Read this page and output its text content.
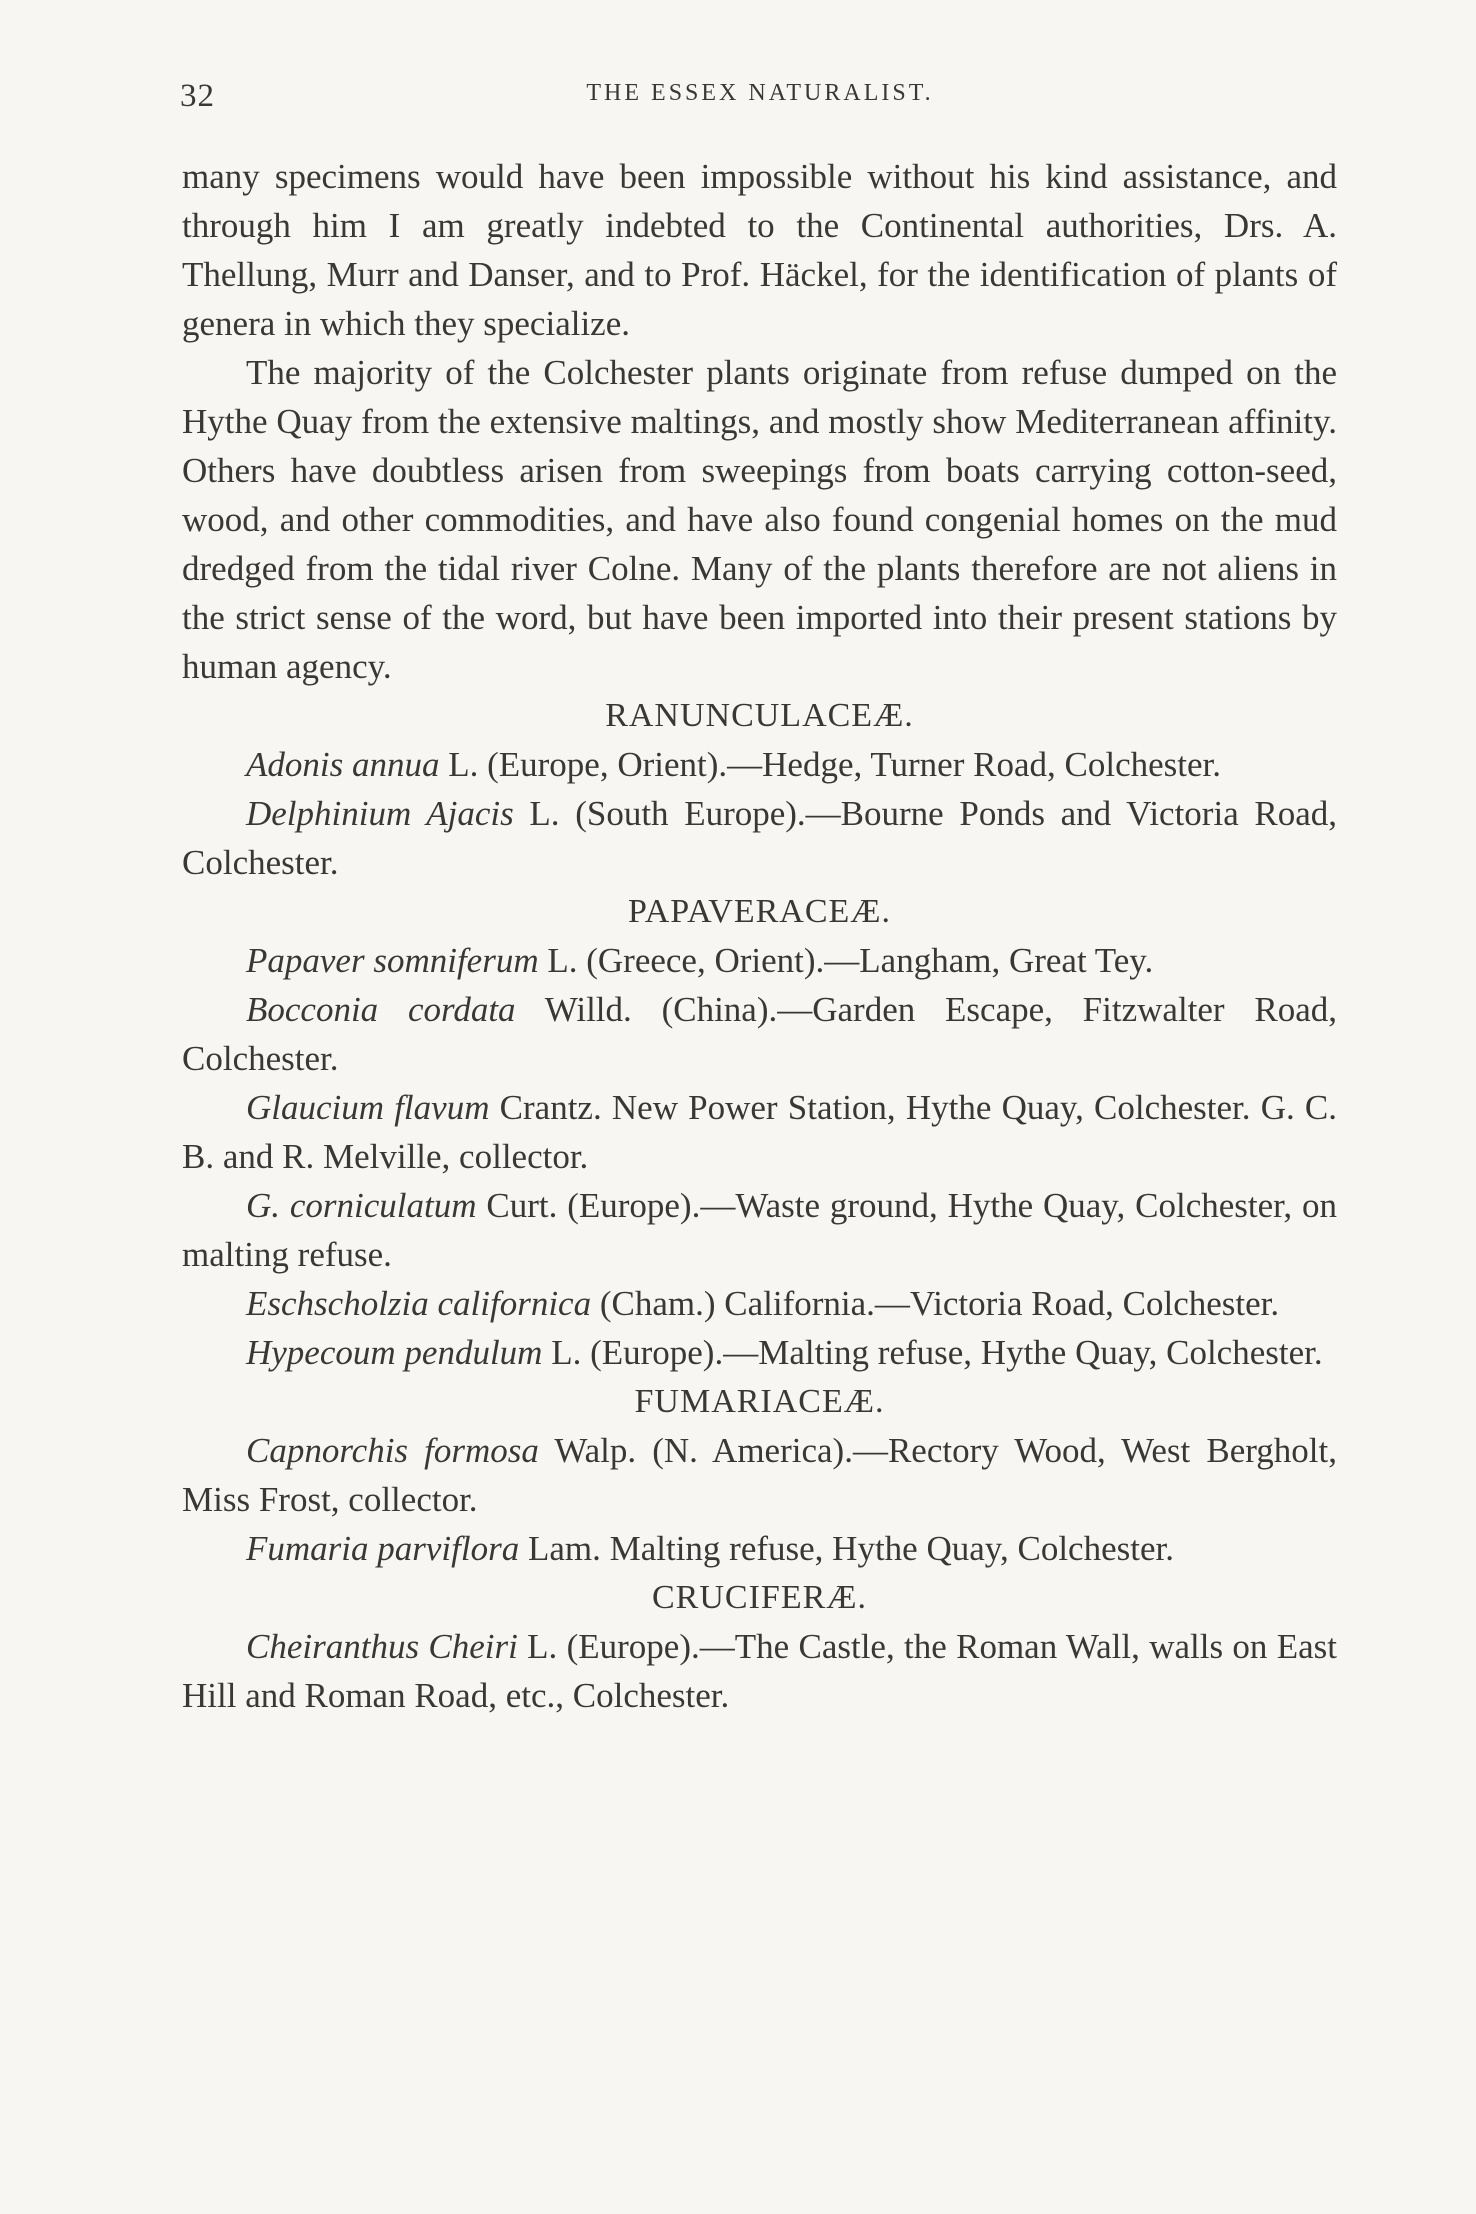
32	THE ESSEX NATURALIST.

many specimens would have been impossible without his kind assistance, and through him I am greatly indebted to the Continental authorities, Drs. A. Thellung, Murr and Danser, and to Prof. Häckel, for the identification of plants of genera in which they specialize.

The majority of the Colchester plants originate from refuse dumped on the Hythe Quay from the extensive maltings, and mostly show Mediterranean affinity. Others have doubtless arisen from sweepings from boats carrying cotton-seed, wood, and other commodities, and have also found congenial homes on the mud dredged from the tidal river Colne. Many of the plants therefore are not aliens in the strict sense of the word, but have been imported into their present stations by human agency.

RANUNCULACEÆ.

Adonis annua L. (Europe, Orient).—Hedge, Turner Road, Colchester.

Delphinium Ajacis L. (South Europe).—Bourne Ponds and Victoria Road, Colchester.

PAPAVERACEÆ.

Papaver somniferum L. (Greece, Orient).—Langham, Great Tey.

Bocconia cordata Willd. (China).—Garden Escape, Fitzwalter Road, Colchester.

Glaucium flavum Crantz. New Power Station, Hythe Quay, Colchester. G. C. B. and R. Melville, collector.

G. corniculatum Curt. (Europe).—Waste ground, Hythe Quay, Colchester, on malting refuse.

Eschscholzia californica (Cham.) California.—Victoria Road, Colchester.

Hypecoum pendulum L. (Europe).—Malting refuse, Hythe Quay, Colchester.

FUMARIACEÆ.

Capnorchis formosa Walp. (N. America).—Rectory Wood, West Bergholt, Miss Frost, collector.

Fumaria parviflora Lam. Malting refuse, Hythe Quay, Colchester.

CRUCIFERÆ.

Cheiranthus Cheiri L. (Europe).—The Castle, the Roman Wall, walls on East Hill and Roman Road, etc., Colchester.
